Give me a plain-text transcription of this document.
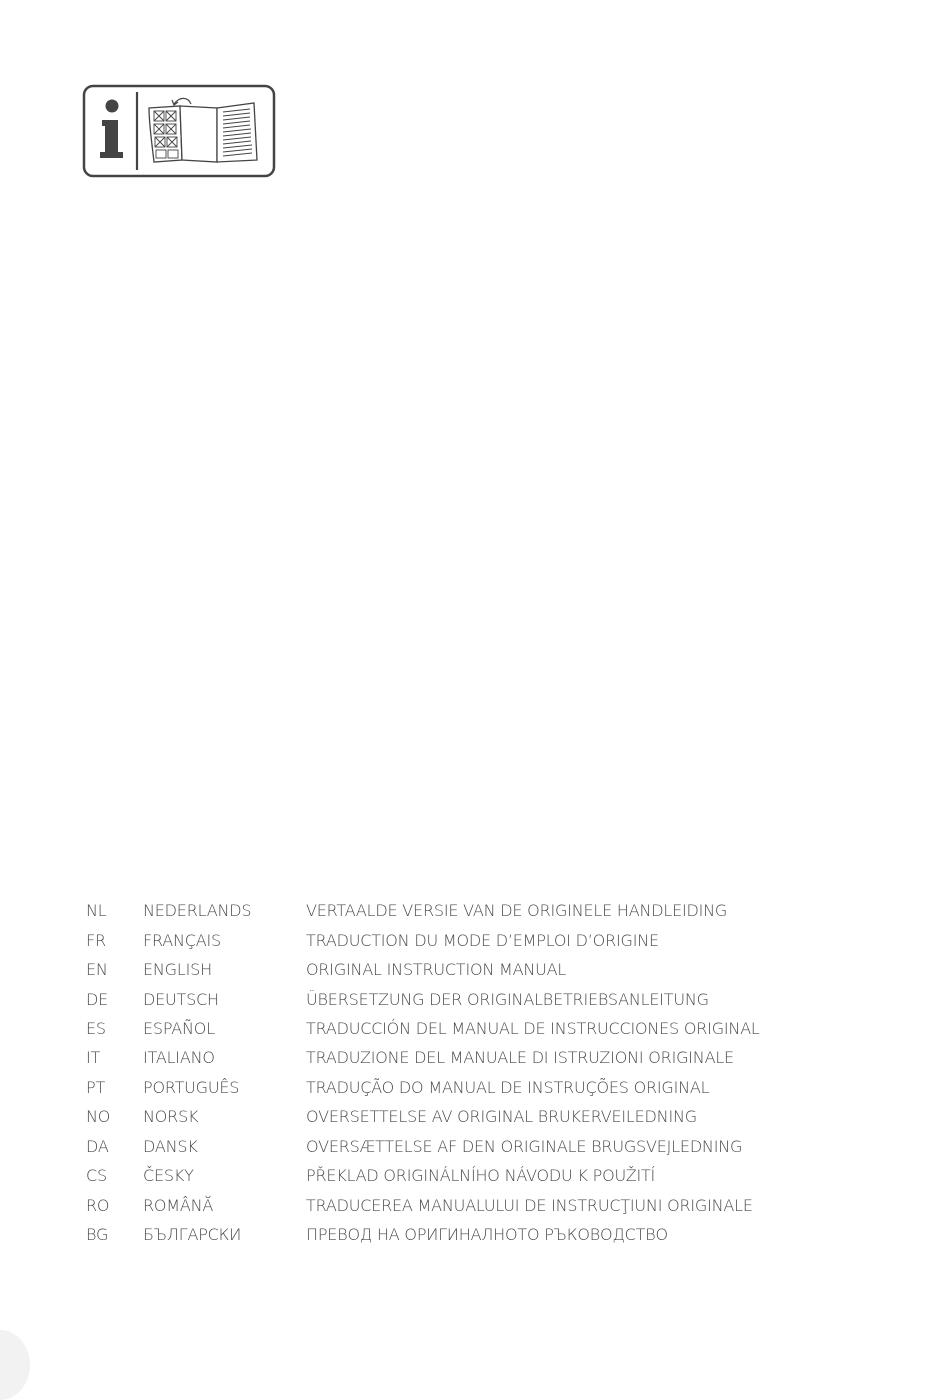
NL	NEDERLANDS	VERTAALDE VERSIE VAN DE ORIGINELE HANDLEIDING
FR	FRANÇAIS	TRADUCTION DU MODE D’EMPLOI D’ORIGINE
EN	ENGLISH	ORIGINAL INSTRUCTION MANUAL
DE	DEUTSCH	ÜBERSETZUNG DER ORIGINALBETRIEBSANLEITUNG
ES	ESPAÑOL	TRADUCCIÓN DEL MANUAL DE INSTRUCCIONES ORIGINAL
IT	ITALIANO	TRADUZIONE DEL MANUALE DI ISTRUZIONI ORIGINALE
PT	PORTUGUÊS	TRADUÇÃO DO MANUAL DE INSTRUÇÕES ORIGINAL
NO	NORSK	OVERSETTELSE AV ORIGINAL BRUKERVEILEDNING
DA	DANSK	OVERSÆTTELSE AF DEN ORIGINALE BRUGSVEJLEDNING
CS	ČESKY	PŘEKLAD ORIGINÁLNÍHO NÁVODU K POUŽITÍ
RO	ROMÂNĂ	TRADUCEREA MANUALULUI DE INSTRUCŢIUNI ORIGINALE
BG	БЪЛГАРСКИ	ПРЕВОД НА ОРИГИНАЛНОТО РЪКОВОДСТВО
